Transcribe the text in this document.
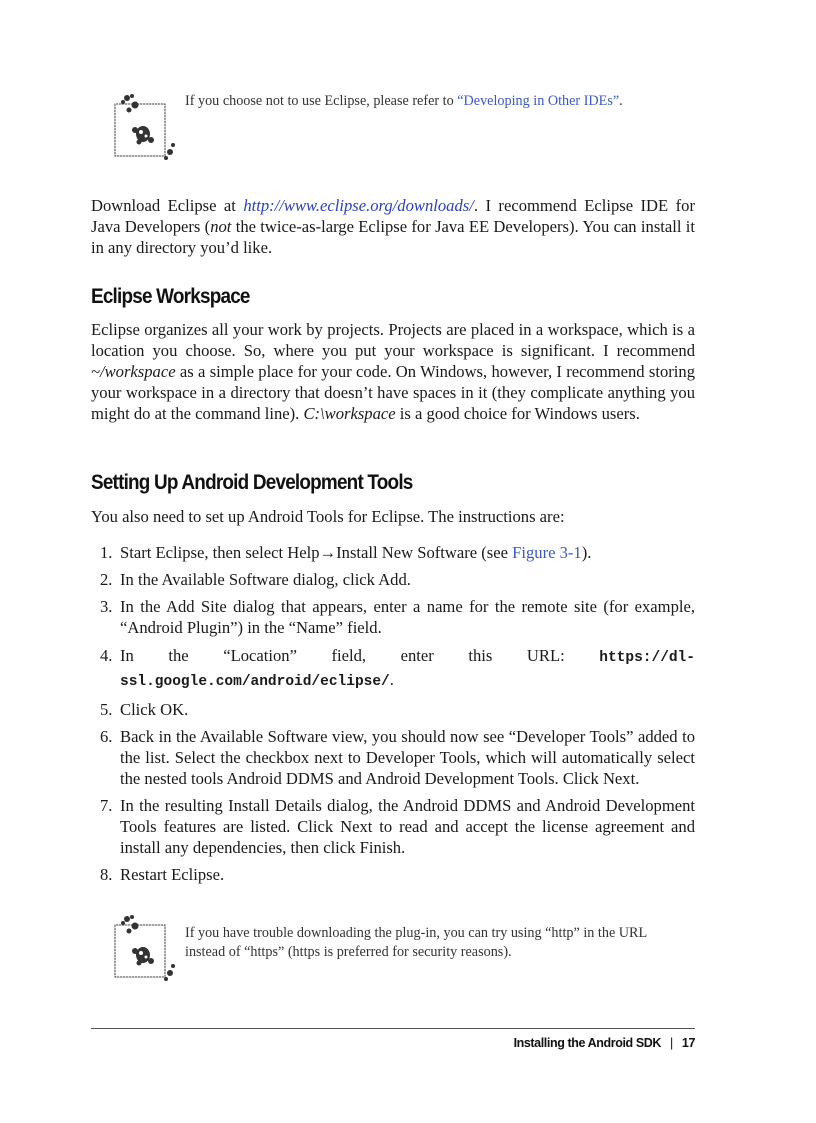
If you choose not to use Eclipse, please refer to “Developing in Other IDEs”.
Download Eclipse at http://www.eclipse.org/downloads/. I recommend Eclipse IDE for Java Developers (not the twice-as-large Eclipse for Java EE Developers). You can install it in any directory you’d like.
Eclipse Workspace
Eclipse organizes all your work by projects. Projects are placed in a workspace, which is a location you choose. So, where you put your workspace is significant. I recommend ~/workspace as a simple place for your code. On Windows, however, I recommend storing your workspace in a directory that doesn’t have spaces in it (they complicate anything you might do at the command line). C:\workspace is a good choice for Windows users.
Setting Up Android Development Tools
You also need to set up Android Tools for Eclipse. The instructions are:
1. Start Eclipse, then select Help→Install New Software (see Figure 3-1).
2. In the Available Software dialog, click Add.
3. In the Add Site dialog that appears, enter a name for the remote site (for example, “Android Plugin”) in the “Name” field.
4. In the “Location” field, enter this URL: https://dl-ssl.google.com/android/eclipse/.
5. Click OK.
6. Back in the Available Software view, you should now see “Developer Tools” added to the list. Select the checkbox next to Developer Tools, which will automatically select the nested tools Android DDMS and Android Development Tools. Click Next.
7. In the resulting Install Details dialog, the Android DDMS and Android Development Tools features are listed. Click Next to read and accept the license agreement and install any dependencies, then click Finish.
8. Restart Eclipse.
If you have trouble downloading the plug-in, you can try using “http” in the URL instead of “https” (https is preferred for security reasons).
Installing the Android SDK | 17
